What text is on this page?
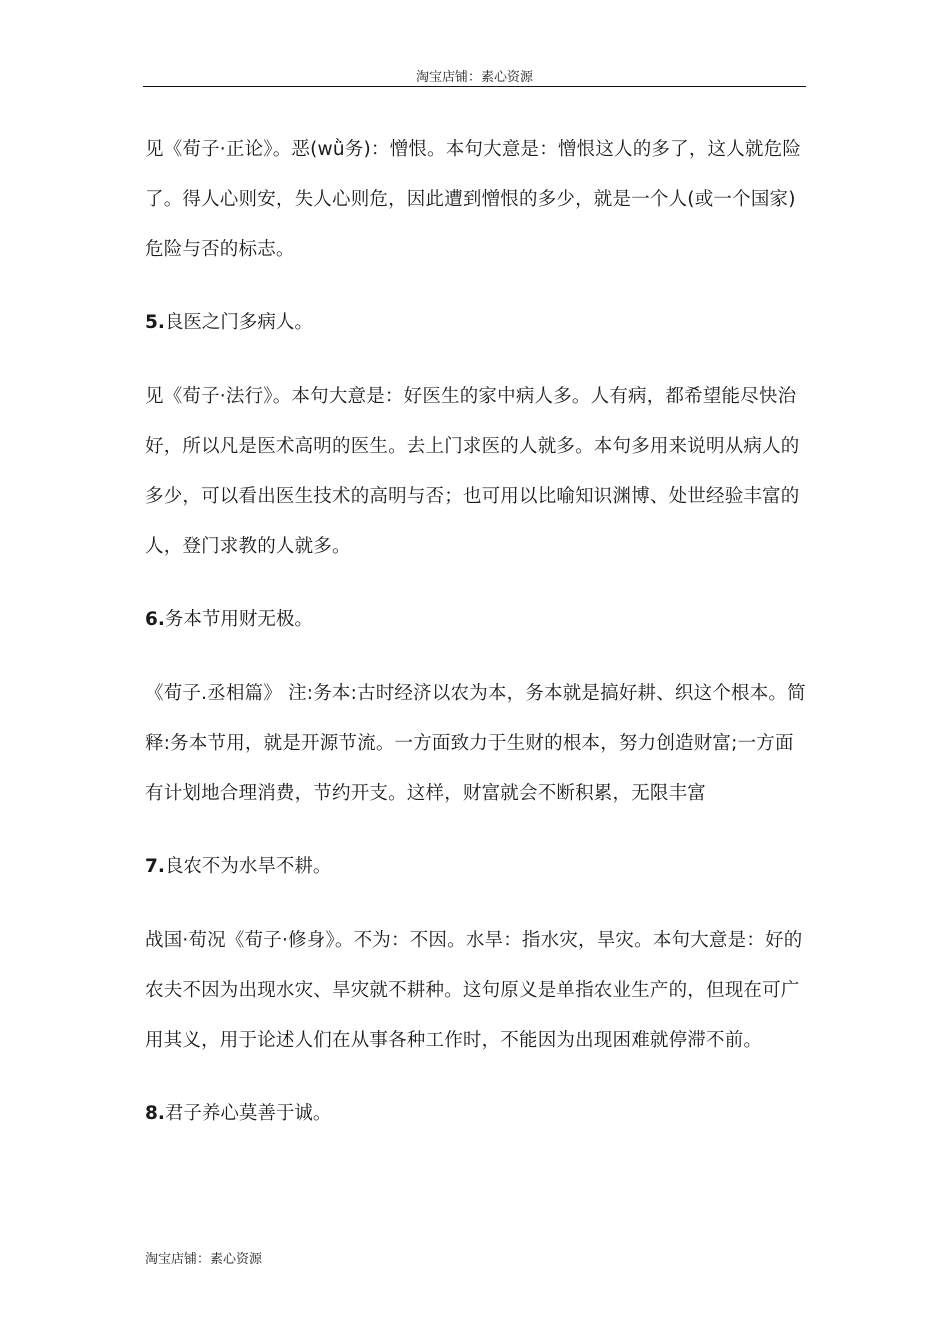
淘宝店铺：素心资源

见《荀子·正论》。恶(wǜ务)：憎恨。本句大意是：憎恨这人的多了，这人就危险了。得人心则安，失人心则危，因此遭到憎恨的多少，就是一个人(或一个国家)危险与否的标志。

5.良医之门多病人。

见《荀子·法行》。本句大意是：好医生的家中病人多。人有病，都希望能尽快治好，所以凡是医术高明的医生。去上门求医的人就多。本句多用来说明从病人的多少，可以看出医生技术的高明与否；也可用以比喻知识渊博、处世经验丰富的人，登门求教的人就多。

6.务本节用财无极。

《荀子.丞相篇》 注:务本:古时经济以农为本，务本就是搞好耕、织这个根本。简释:务本节用，就是开源节流。一方面致力于生财的根本，努力创造财富;一方面有计划地合理消费，节约开支。这样，财富就会不断积累，无限丰富

7.良农不为水旱不耕。

战国·荀况《荀子·修身》。不为：不因。水旱：指水灾，旱灾。本句大意是：好的农夫不因为出现水灾、旱灾就不耕种。这句原义是单指农业生产的，但现在可广用其义，用于论述人们在从事各种工作时，不能因为出现困难就停滞不前。

8.君子养心莫善于诚。

淘宝店铺：素心资源
